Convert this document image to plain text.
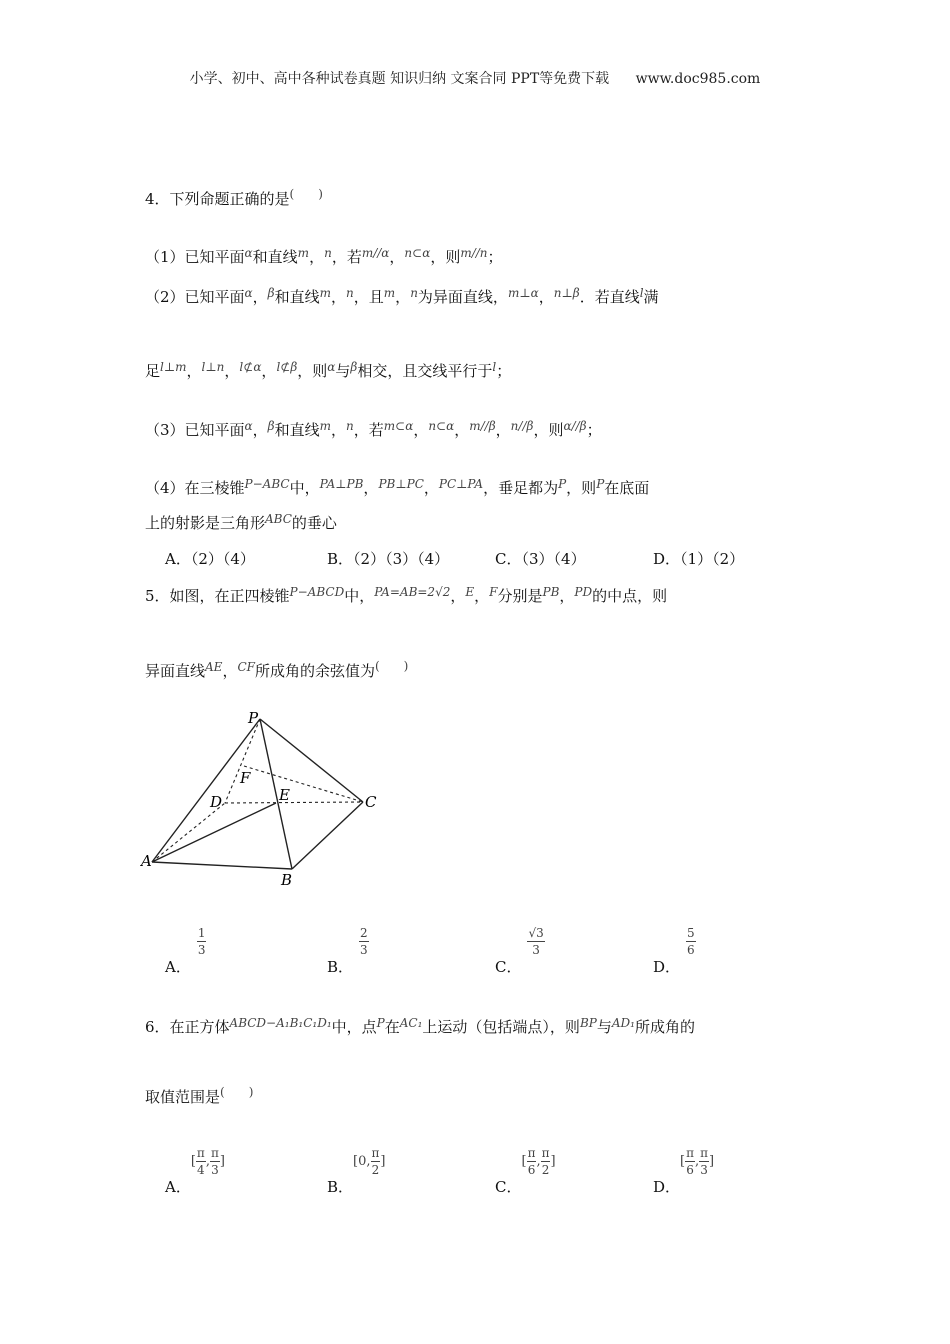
小学、初中、高中各种试卷真题 知识归纳 文案合同 PPT等免费下载 www.doc985.com
4．下列命题正确的是(　　)
（1）已知平面$^\alpha$和直线$^m$，$^n$，若$^{m//\alpha}$，$^{n\subset\alpha}$，则$^{m//n}$；
（2）已知平面$^\alpha$，$^\beta$和直线$^m$，$^n$，且$^m$，$^n$为异面直线，$^{m\perp\alpha}$，$^{n\perp\beta}$．若直线$^l$满
足$^{l\perp m}$，$^{l\perp n}$，$^{l⊄\alpha}$，$^{l⊄\beta}$，则$^\alpha$与$^\beta$相交，且交线平行于$^l$；
（3）已知平面$^\alpha$，$^\beta$和直线$^m$，$^n$，若$^{m\subset\alpha}$，$^{n\subset\alpha}$，$^{m//\beta}$，$^{n//\beta}$，则$^{\alpha//\beta}$；
（4）在三棱锥$^{P-ABC}$中，$^{PA\perp PB}$，$^{PB\perp PC}$，$^{PC\perp PA}$，垂足都为$^P$，则$^P$在底面
上的射影是三角形$^{ABC}$的垂心
A．（2）（4）	B．（2）（3）（4）	C．（3）（4）	D．（1）（2）
5．如图，在正四棱锥$^{P-ABCD}$中，$^{PA=AB=2√2}$，$^E$，$^F$分别是$^{PB}$，$^{PD}$的中点，则
异面直线$^{AE}$，$^{CF}$所成角的余弦值为(　　)
P
F
D	E	C
A
B
A．
$\frac{1}{3}$
B．
$\frac{2}{3}$
C．
$\frac{√3}{3}$
D．
$\frac{5}{6}$
6．在正方体$^{ABCD-A_1B_1C_1D_1}$中，点$^P$在$^{AC_1}$上运动（包括端点），则$^{BP}$与$^{AD_1}$所成角的
取值范围是(　　)
A．[ $\frac{\pi}{4}$ , $\frac{\pi}{3}$ ]
B．[0, $\frac{\pi}{2}$ ]
C．[ $\frac{\pi}{6}$ , $\frac{\pi}{2}$ ]
D．[ $\frac{\pi}{6}$ , $\frac{\pi}{3}$ ]
